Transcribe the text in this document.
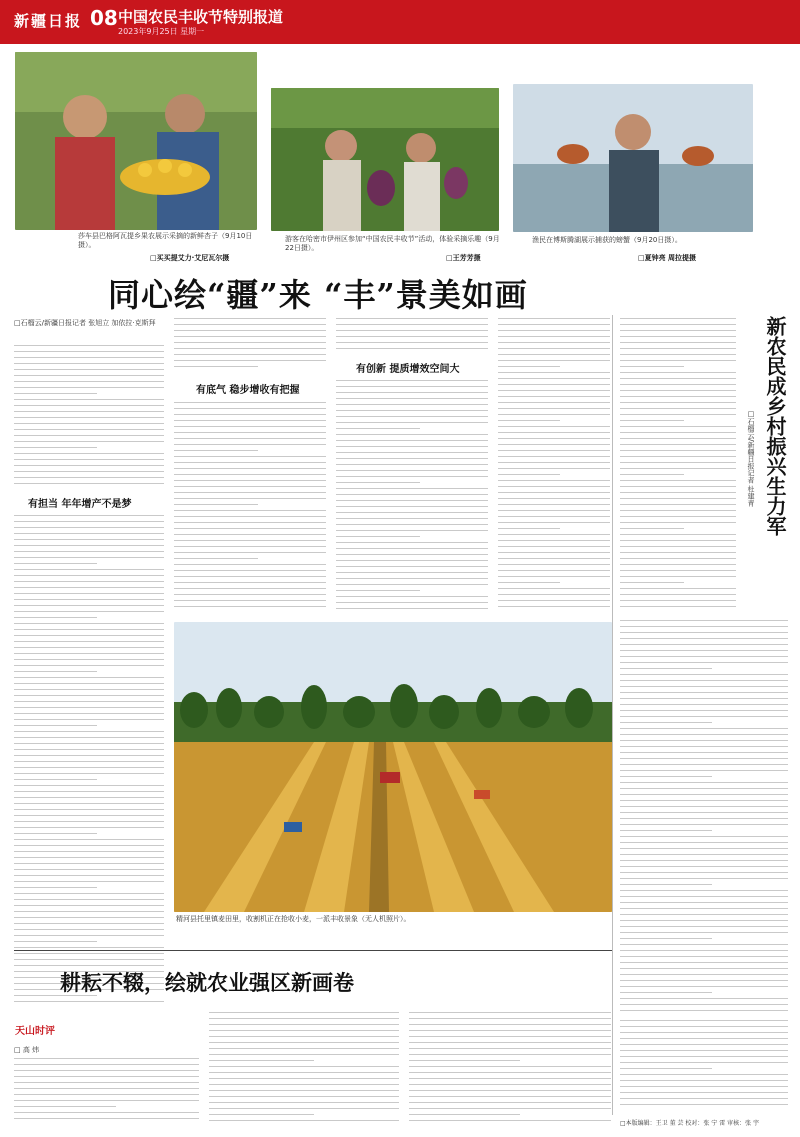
新疆日报 08 中国农民丰收节特别报道
2023年9月25日 星期一
莎车县巴格阿瓦提乡果农展示采摘的新鲜杏子（9月10日摄）。
□买买提艾力·艾尼瓦尔摄
游客在哈密市伊州区参加“中国农民丰收节”活动，体验采摘乐趣（9月22日摄）。
□王芳芳摄
渔民在博斯腾湖展示捕获的螃蟹（9月20日摄）。
□夏钟亮 周拉提摄
同心绘“疆”来 “丰”景美如画
□石榴云/新疆日报记者 张旭立 加依拉·克斯拜
有担当 年年增产不是梦
有底气 稳步增收有把握
有创新 提质增效空间大	新农民成乡村振兴生力军
□石榴云/新疆日报记者 杜建青
精河县托里镇麦田里，收割机正在抢收小麦，一派丰收景象（无人机照片）。
耕耘不辍，绘就农业强区新画卷
天山时评
□ 高 炜
□本版编辑：王卫 董 芸 校对：张 宁 雷 审核：张 宇
